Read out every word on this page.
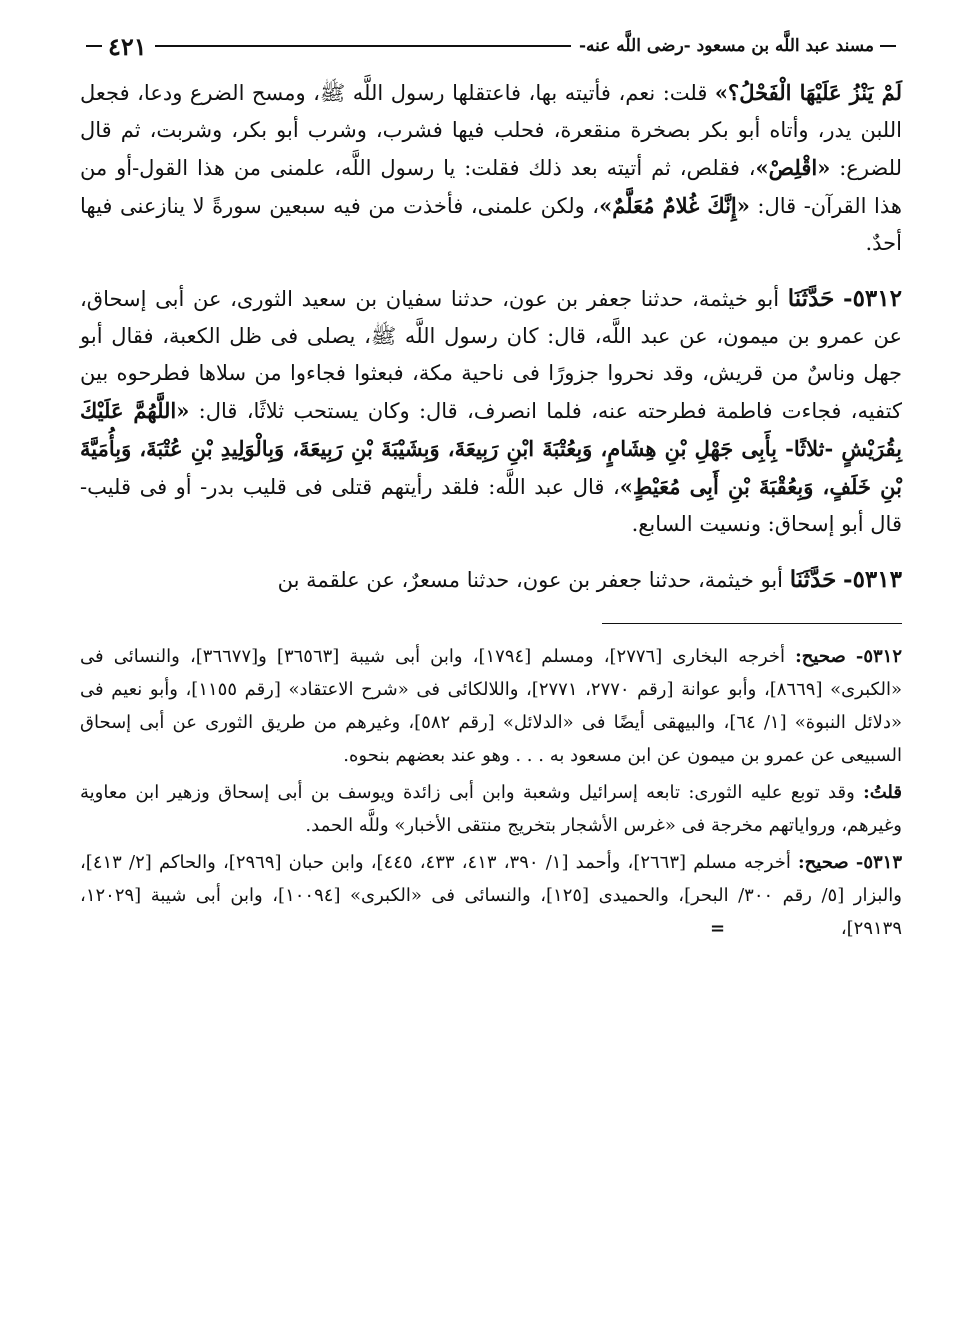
مسند عبد اللَّه بن مسعود -رضى اللَّه عنه-
٤٢١

لَمْ يَنْزُ عَلَيْهَا الْفَحْلُ؟» قلت: نعم، فأتيته بها، فاعتقلها رسول اللَّه ﷺ، ومسح الضرع ودعا، فجعل اللبن يدر، وأتاه أبو بكر بصخرة منقعرة، فحلب فيها فشرب، وشرب أبو بكر، وشربت، ثم قال للضرع: «اقْلِصْ»، فقلص، ثم أتيته بعد ذلك فقلت: يا رسول اللَّه، علمنى من هذا القول-أو من هذا القرآن- قال: «إِنَّكَ غُلامٌ مُعَلَّمٌ»، ولكن علمنى، فأخذت من فيه سبعين سورةً لا ينازعنى فيها أحدٌ.

٥٣١٢- حَدَّثَنَا أبو خيثمة، حدثنا جعفر بن عون، حدثنا سفيان بن سعيد الثورى، عن أبى إسحاق، عن عمرو بن ميمون، عن عبد اللَّه، قال: كان رسول اللَّه ﷺ، يصلى فى ظل الكعبة، فقال أبو جهل وناسٌ من قريش، وقد نحروا جزورًا فى ناحية مكة، فبعثوا فجاءوا من سلاها فطرحوه بين كتفيه، فجاءت فاطمة فطرحته عنه، فلما انصرف، قال: وكان يستحب ثلاثًا، قال: «اللَّهُمَّ عَلَيْكَ بِقُرَيْشٍ -ثلاثًا- بِأَبِى جَهْلِ بْنِ هِشَامٍ، وَبِعُتْبَةَ ابْنِ رَبِيعَةَ، وَبِشَيْبَةَ بْنِ رَبِيعَةَ، وَبِالْوَلِيدِ بْنِ عُتْبَةَ، وَبِأُمَيَّةَ بْنِ خَلَفٍ، وَبِعُقْبَةَ بْنِ أَبِى مُعَيْطٍ»، قال عبد اللَّه: فلقد رأيتهم قتلى فى قليب بدر- أو فى قليب- قال أبو إسحاق: ونسيت السابع.

٥٣١٣- حَدَّثَنَا أبو خيثمة، حدثنا جعفر بن عون، حدثنا مسعرٌ، عن علقمة بن

٥٣١٢- صحيح: أخرجه البخارى [٢٧٧٦]، ومسلم [١٧٩٤]، وابن أبى شيبة [٣٦٥٦٣] و[٣٦٦٧٧]، والنسائى فى «الكبرى» [٨٦٦٩]، وأبو عوانة [رقم ٢٧٧٠، ٢٧٧١]، واللالكائى فى «شرح الاعتقاد» [رقم ١١٥٥]، وأبو نعيم فى «دلائل النبوة» [١/ ٦٤]، والبيهقى أيضًا فى «الدلائل» [رقم ٥٨٢]، وغيرهم من طريق الثورى عن أبى إسحاق السبيعى عن عمرو بن ميمون عن ابن مسعود به . . . وهو عند بعضهم بنحوه.

قلتُ: وقد توبع عليه الثورى: تابعه إسرائيل وشعبة وابن أبى زائدة ويوسف بن أبى إسحاق وزهير ابن معاوية وغيرهم، ورواياتهم مخرجة فى «غرس الأشجار بتخريج منتقى الأخبار» وللَّه الحمد.

٥٣١٣- صحيح: أخرجه مسلم [٢٦٦٣]، وأحمد [١/ ٣٩٠، ٤١٣، ٤٣٣، ٤٤٥]، وابن حبان [٢٩٦٩]، والحاكم [٢/ ٤١٣]، والبزار [٥/ رقم ٣٠٠/ البحر]، والحميدى [١٢٥]، والنسائى فى «الكبرى» [١٠٠٩٤]، وابن أبى شيبة [١٢٠٢٩، ٢٩١٣٩]، =
